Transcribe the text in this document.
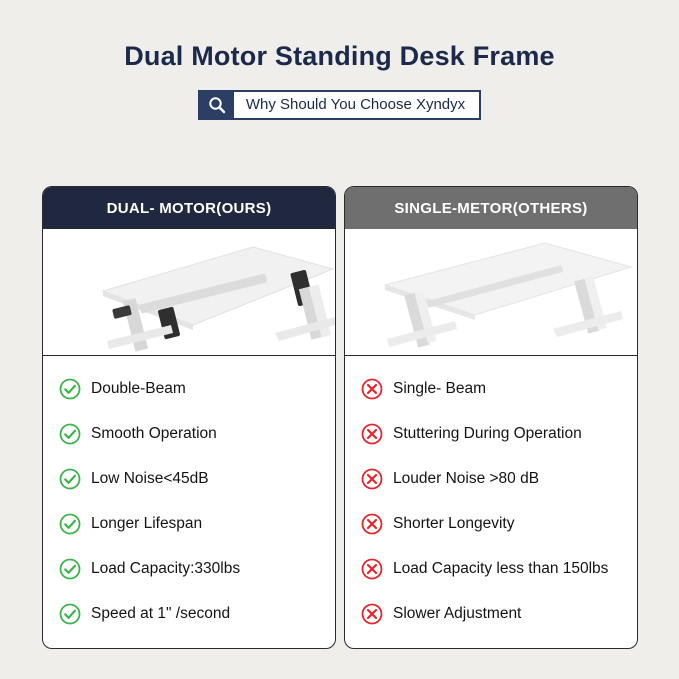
Dual Motor Standing Desk Frame
Why Should You Choose Xyndyx
DUAL- MOTOR(OURS)
Double-Beam
Smooth Operation
Low Noise<45dB
Longer Lifespan
Load Capacity:330lbs
Speed at 1" /second
SINGLE-METOR(OTHERS)
Single- Beam
Stuttering During Operation
Louder Noise >80 dB
Shorter Longevity
Load Capacity less than 150lbs
Slower Adjustment
